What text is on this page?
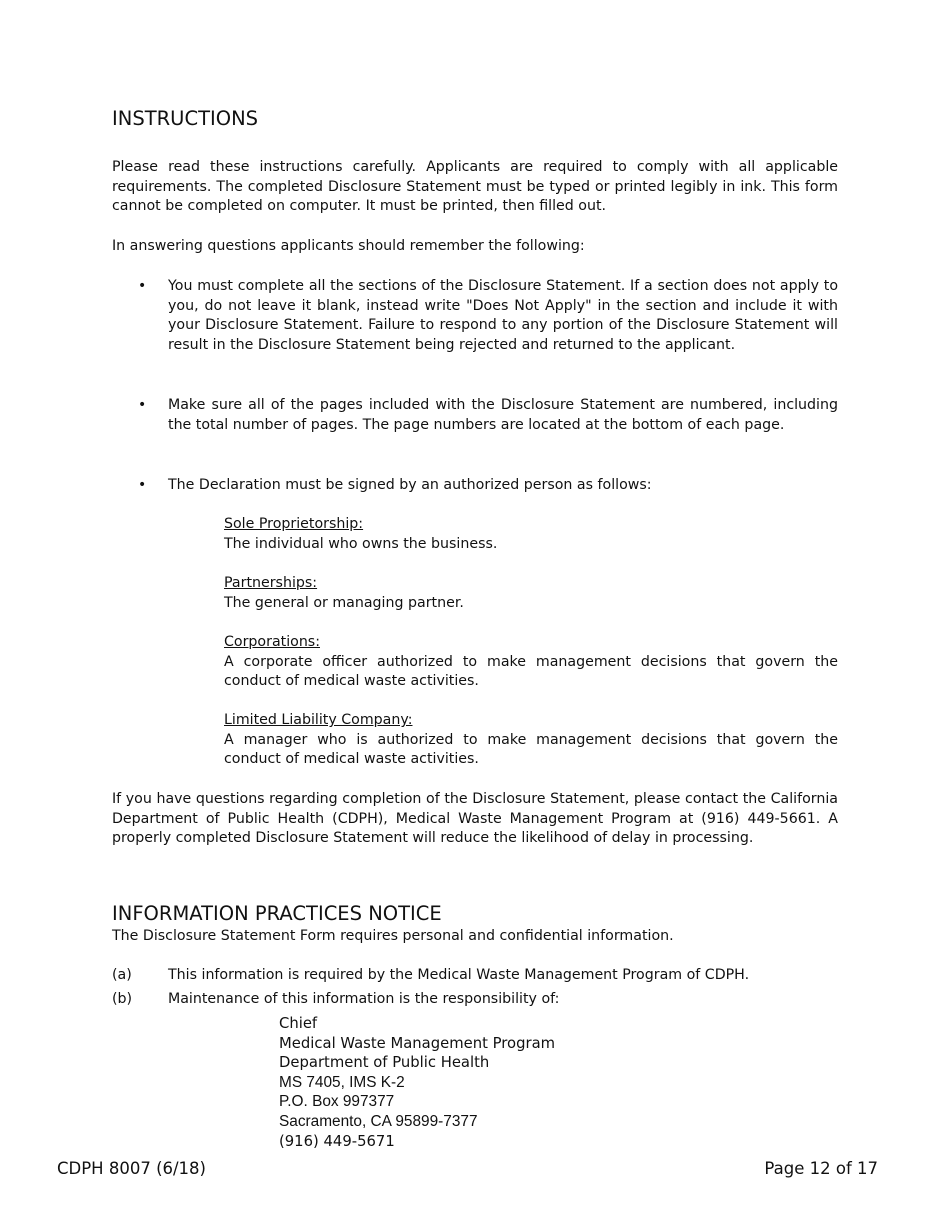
INSTRUCTIONS
Please read these instructions carefully. Applicants are required to comply with all applicable requirements. The completed Disclosure Statement must be typed or printed legibly in ink. This form cannot be completed on computer. It must be printed, then filled out.
In answering questions applicants should remember the following:
• You must complete all the sections of the Disclosure Statement. If a section does not apply to you, do not leave it blank, instead write "Does Not Apply" in the section and include it with your Disclosure Statement. Failure to respond to any portion of the Disclosure Statement will result in the Disclosure Statement being rejected and returned to the applicant.
• Make sure all of the pages included with the Disclosure Statement are numbered, including the total number of pages. The page numbers are located at the bottom of each page.
• The Declaration must be signed by an authorized person as follows:
Sole Proprietorship:
The individual who owns the business.
Partnerships:
The general or managing partner.
Corporations:
A corporate officer authorized to make management decisions that govern the conduct of medical waste activities.
Limited Liability Company:
A manager who is authorized to make management decisions that govern the conduct of medical waste activities.
If you have questions regarding completion of the Disclosure Statement, please contact the California Department of Public Health (CDPH), Medical Waste Management Program at (916) 449-5661. A properly completed Disclosure Statement will reduce the likelihood of delay in processing.
INFORMATION PRACTICES NOTICE
The Disclosure Statement Form requires personal and confidential information.
(a)	This information is required by the Medical Waste Management Program of CDPH.
(b)	Maintenance of this information is the responsibility of:
Chief
Medical Waste Management Program
Department of Public Health
MS 7405, IMS K-2
P.O. Box 997377
Sacramento, CA 95899-7377
(916) 449-5671
CDPH 8007 (6/18)	Page 12 of 17
